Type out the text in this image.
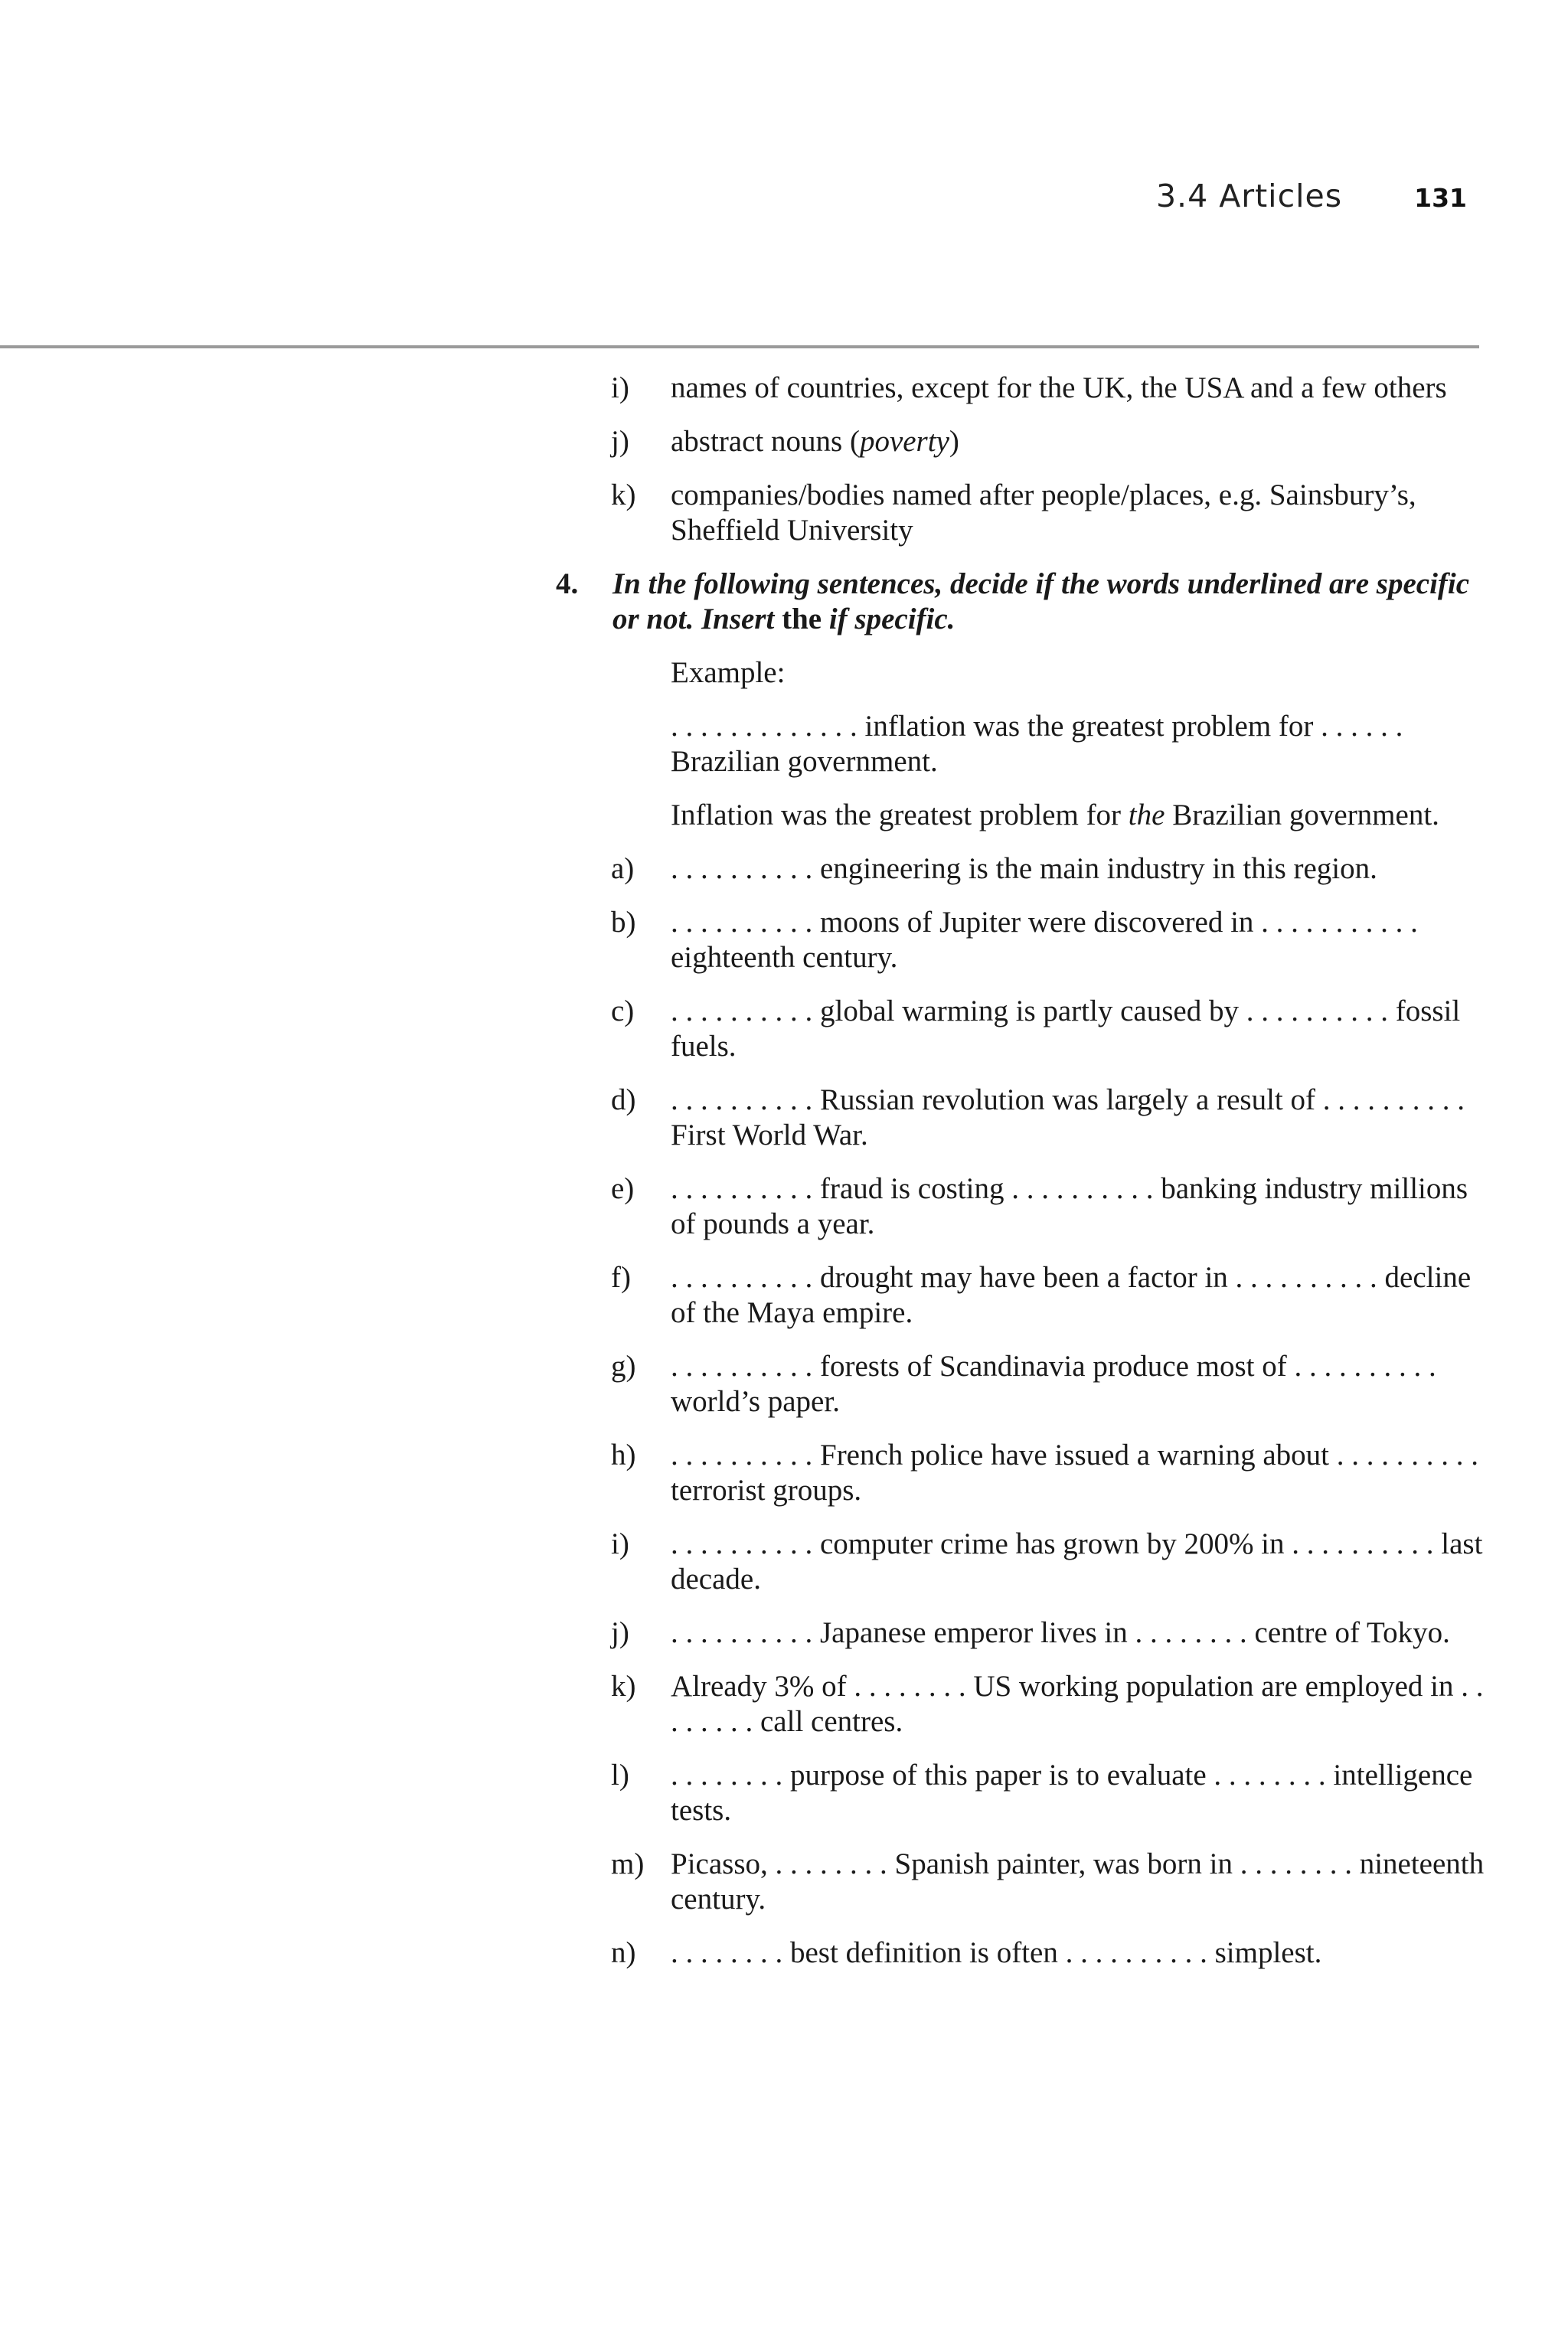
3.4 Articles	131
i) names of countries, except for the UK, the USA and a few others
j) abstract nouns (poverty)
k) companies/bodies named after people/places, e.g. Sainsbury’s, Sheffield University
4. In the following sentences, decide if the words underlined are specific or not. Insert the if specific.
Example:
. . . . . . . . . . . . . inflation was the greatest problem for . . . . . . Brazilian government.
Inflation was the greatest problem for the Brazilian government.
a) . . . . . . . . . . engineering is the main industry in this region.
b) . . . . . . . . . . moons of Jupiter were discovered in . . . . . . . . . . . eighteenth century.
c) . . . . . . . . . . global warming is partly caused by . . . . . . . . . . fossil fuels.
d) . . . . . . . . . . Russian revolution was largely a result of . . . . . . . . . . First World War.
e) . . . . . . . . . . fraud is costing . . . . . . . . . . banking industry millions of pounds a year.
f) . . . . . . . . . . drought may have been a factor in . . . . . . . . . . decline of the Maya empire.
g) . . . . . . . . . . forests of Scandinavia produce most of . . . . . . . . . . world’s paper.
h) . . . . . . . . . . French police have issued a warning about . . . . . . . . . . terrorist groups.
i) . . . . . . . . . . computer crime has grown by 200% in . . . . . . . . . . last decade.
j) . . . . . . . . . . Japanese emperor lives in . . . . . . . . centre of Tokyo.
k) Already 3% of . . . . . . . . US working population are employed in . . . . . . . . call centres.
l) . . . . . . . . purpose of this paper is to evaluate . . . . . . . . intelligence tests.
m) Picasso, . . . . . . . . Spanish painter, was born in . . . . . . . . nineteenth century.
n) . . . . . . . . best definition is often . . . . . . . . . . simplest.
